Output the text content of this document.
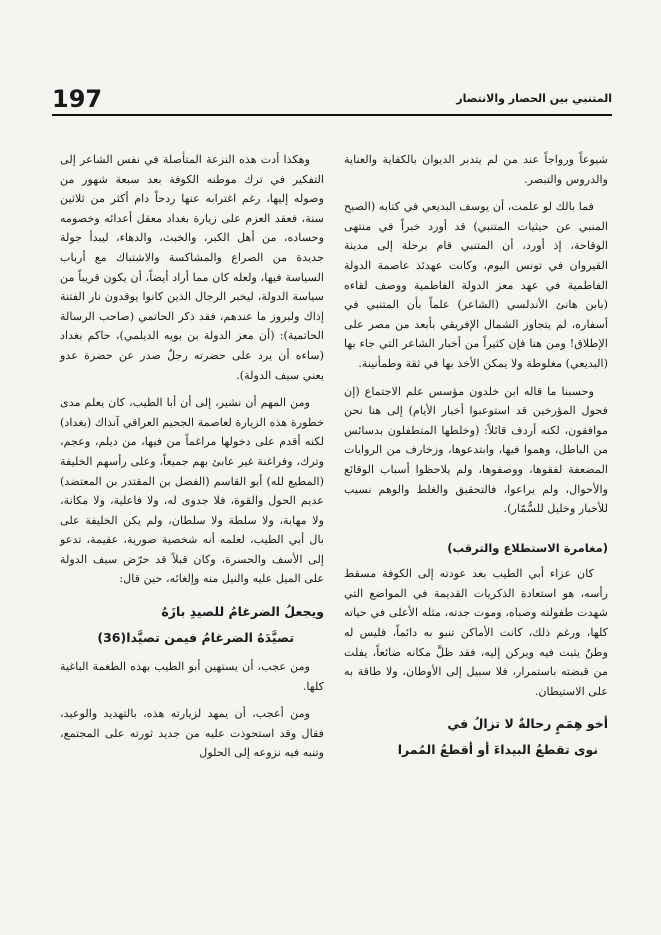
197	المتنبي بين الحصار والانتصار

شيوعاً ورواجاً عند من لم يتدبر الديوان بالكفاية والعناية والدروس والتبصر.

فما بالك لو علمت، أن يوسف البديعي في كتابه (الصبح المنبي عن حيثيات المتنبي) قد أورد خبراً في منتهى الوقاحة، إذ أورد، أن المتنبي قام برحلة إلى مدينة القيروان في تونس اليوم، وكانت عهدئذ عاصمة الدولة الفاطمية في عهد معز الدولة الفاطمية ووصف لقاءه (بابن هانئ الأندلسي (الشاعر) علماً بأن المتنبي في أسفاره، لم يتجاوز الشمال الإفريقي بأبعد من مصر على الإطلاق! ومن هنا فإن كثيراً من أخبار الشاعر التي جاء بها (البديعي) مغلوطة ولا يمكن الأخذ بها في ثقة وطمأنينة.

وحسبنا ما قاله ابن خلدون مؤسس علم الاجتماع (إن فحول المؤرخين قد استوعبوا أخبار الأيام) إلى هنا نحن موافقون، لكنه أردف قائلاً: (وخلطها المتطفلون بدسائس من الباطل، وهموا فيها، وابتدعوها، وزخارف من الروايات المضعفة لفقوها، ووصفوها، ولم يلاحظوا أسباب الوقائع والأحوال، ولم يراعوا، فالتحقيق والغلط والوهم نسيب للأخبار وخليل للسُّمّار).

(مغامرة الاستطلاع والترقب)

كان عزاء أبي الطيب بعد عودته إلى الكوفة مسقط رأسه، هو استعادة الذكريات القديمة في المواضع التي شهدت طفولته وصباه، وموت جدته، مثله الأعلى في حياته كلها، ورغم ذلك، كانت الأماكن تنبو به دائماً، فليس له وطنٌ يثبت فيه ويركن إليه، فقد ظلَّ مكانه ضائعاً، يفلت من قبضته باستمرار، فلا سبيل إلى الأوطان، ولا طاقة به على الاستيطان.

أخو هِمَمٍ رحالةٌ لا تزالُ في
نوى تقطعُ البيداءَ أو أقطعُ المُمرا

وهكذا أدت هذه النزعة المتأصلة في نفس الشاعر إلى التفكير في ترك موطنه الكوفة بعد سبعة شهور من وصوله إليها، رغم اغترابه عنها ردحاً دام أكثر من ثلاثين سنة، فعقد العزم على زيارة بغداد معقل أعدائه وخصومه وحساده، من أهل الكبر، والخبث، والدهاء، ليبدأ جولة جديدة من الصراع والمشاكسة والاشتباك مع أرباب السياسة فيها، ولعله كان مما أراد أيضاً، أن يكون قريباً من سياسة الدولة، ليخبر الرجال الذين كانوا يوقدون نار الفتنة إذاك ولبروز ما عندهم، فقد ذكر الحاتمي (صاحب الرسالة الحاتمية): (أن معز الدولة بن بويه الديلمي)، حاكم بغداد (ساءه أن يرد على حضرته رجلٌ صدر عن حضرة عدو يعني سيف الدولة).

ومن المهم أن نشير، إلى أن أبا الطيب، كان يعلم مدى خطورة هذه الزيارة لعاصمة الجحيم العراقي آنذاك (بغداد) لكنه أقدم على دخولها مراغماً من فيها، من ديلم، وعجم، وترك، وفراغنة غير عابئ بهم جميعاً، وعلى رأسهم الخليفة (المطيع لله) أبو القاسم (الفضل بن المقتدر بن المعتضد) عديم الحول والقوة، فلا جدوى له، ولا فاعلية، ولا مكانة، ولا مهابة، ولا سلطة ولا سلطان، ولم يكن الخليفة على بال أبي الطيب، لعلمه أنه شخصية صورية، عقيمة، تدعو إلى الأسف والحسرة، وكان قبلاً قد حرّض سيف الدولة على الميل عليه والنيل منه وإلغائه، حين قال:

ويجعلُ الضرغامُ للصيدِ بازَهُ
تصيَّدَهُ الضرغامُ فيمن تصيَّدا(36)

ومن عجب، أن يستهين أبو الطيب بهذه الطغمة الباغية كلها.

ومن أعجب، أن يمهد لزيارته هذه، بالتهديد والوعيد، فقال وقد استحوذت عليه من جديد ثورته على المجتمع، وتنبه فيه نزوعه إلى الحلول
